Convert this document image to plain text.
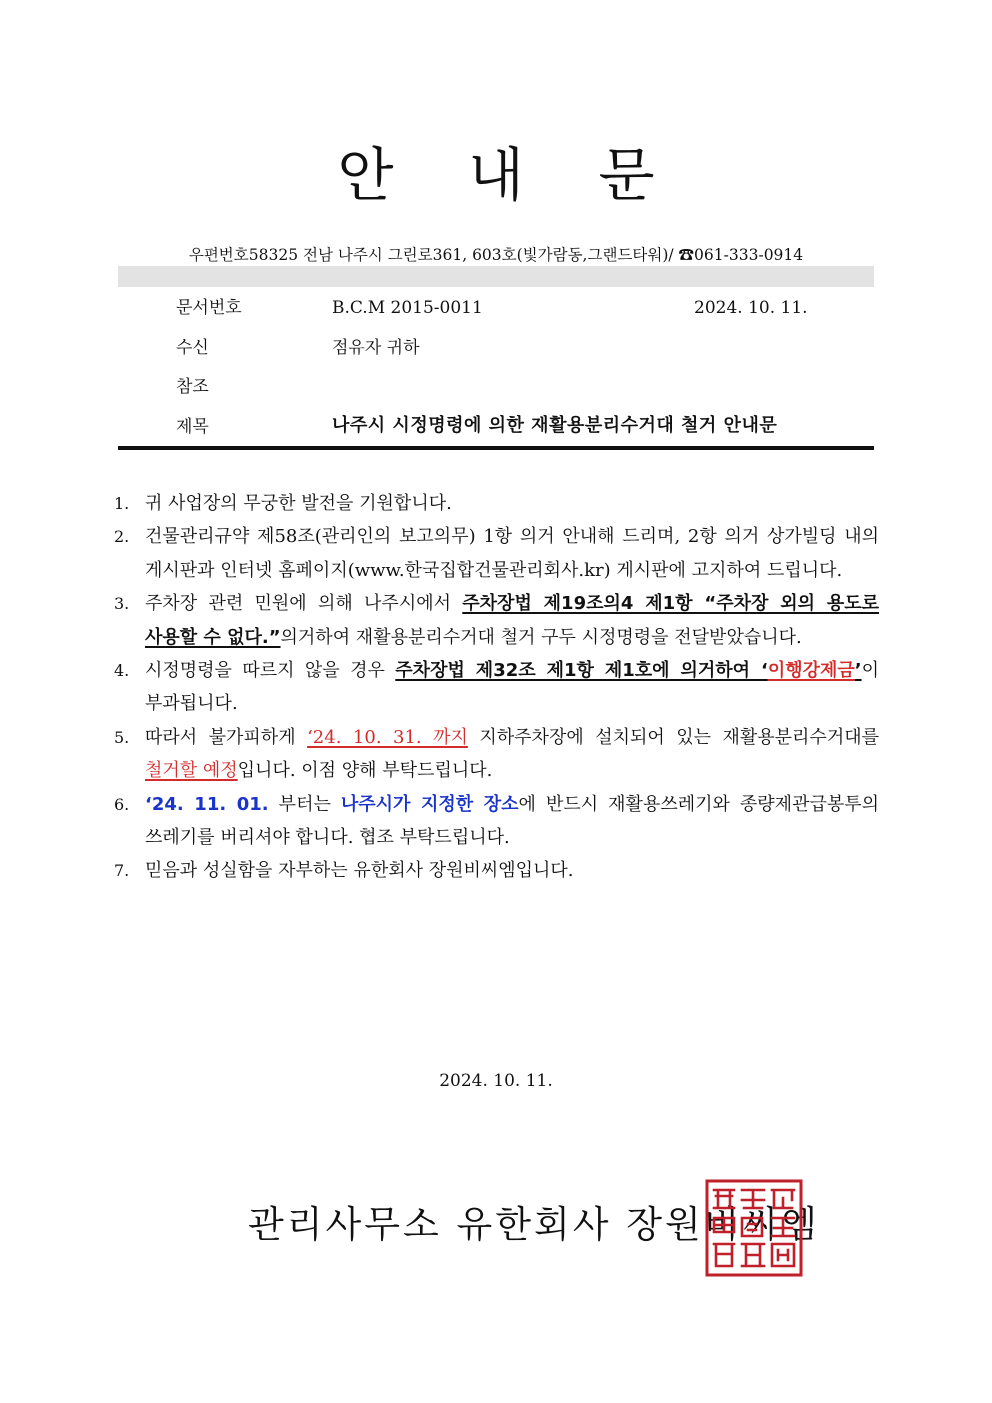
안 내 문
우편번호58325 전남 나주시 그린로361, 603호(빛가람동,그랜드타워)/ ☎061-333-0914
문서번호	B.C.M 2015-0011	2024. 10. 11.
수신	점유자 귀하
참조
제목	나주시 시정명령에 의한 재활용분리수거대 철거 안내문
1. 귀 사업장의 무궁한 발전을 기원합니다.
2. 건물관리규약 제58조(관리인의 보고의무) 1항 의거 안내해 드리며, 2항 의거 상가빌딩 내의 게시판과 인터넷 홈페이지(www.한국집합건물관리회사.kr) 게시판에 고지하여 드립니다.
3. 주차장 관련 민원에 의해 나주시에서 주차장법 제19조의4 제1항 “주차장 외의 용도로 사용할 수 없다.”의거하여 재활용분리수거대 철거 구두 시정명령을 전달받았습니다.
4. 시정명령을 따르지 않을 경우 주차장법 제32조 제1항 제1호에 의거하여 ‘이행강제금’이 부과됩니다.
5. 따라서 불가피하게 ‘24. 10. 31. 까지 지하주차장에 설치되어 있는 재활용분리수거대를 철거할 예정입니다. 이점 양해 부탁드립니다.
6. ‘24. 11. 01. 부터는 나주시가 지정한 장소에 반드시 재활용쓰레기와 종량제관급봉투의 쓰레기를 버리셔야 합니다. 협조 부탁드립니다.
7. 믿음과 성실함을 자부하는 유한회사 장원비씨엠입니다.
2024. 10. 11.
관리사무소 유한회사 장원비씨엠
